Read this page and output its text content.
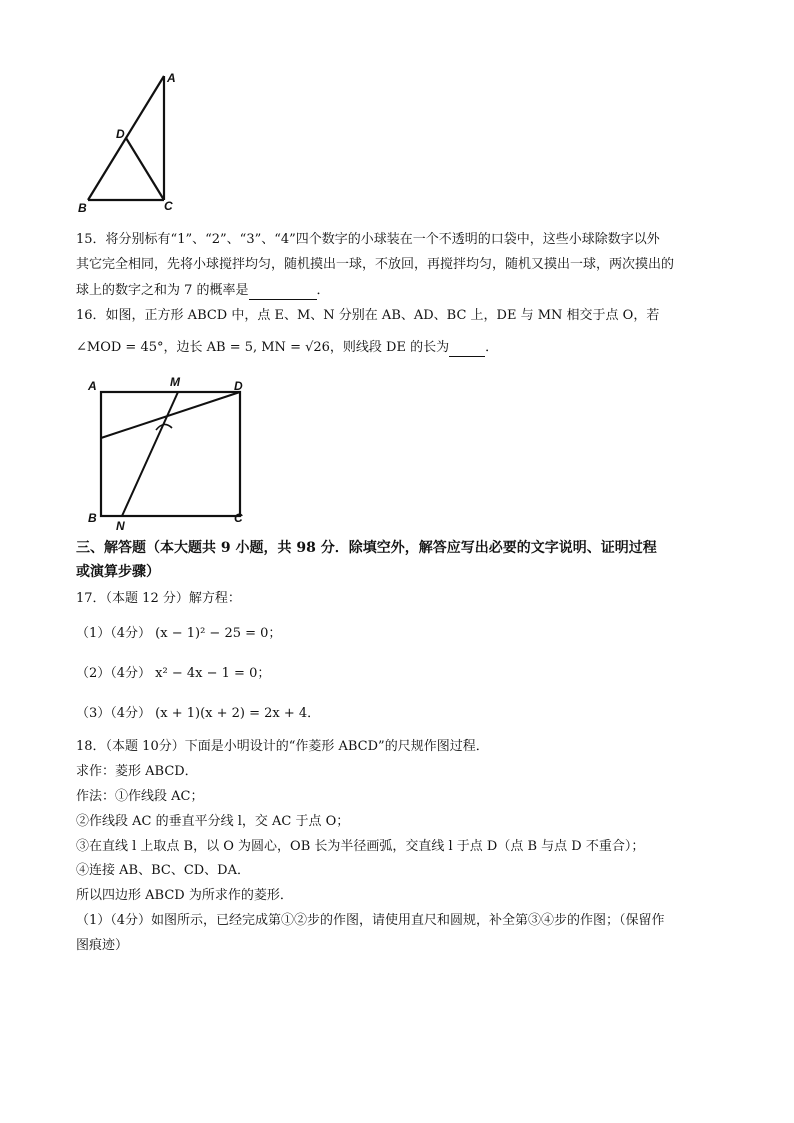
A
D
B	C
15．将分别标有“1”、“2”、“3”、“4”四个数字的小球装在一个不透明的口袋中，这些小球除数字以外
其它完全相同，先将小球搅拌均匀，随机摸出一球，不放回，再搅拌均匀，随机又摸出一球，两次摸出的
球上的数字之和为 7 的概率是	．
16．如图，正方形 ABCD 中，点 E、M、N 分别在 AB、AD、BC 上，DE 与 MN 相交于点 O，若
∠MOD = 45°，边长 AB = 5, MN = √26，则线段 DE 的长为	．
A	M	D
B
N
C
三、解答题（本大题共 9 小题，共 98 分．除填空外，解答应写出必要的文字说明、证明过程
或演算步骤）
17．（本题 12 分）解方程：
（1）（4分） (x − 1)² − 25 = 0；
（2）（4分） x² − 4x − 1 = 0；
（3）（4分） (x + 1)(x + 2) = 2x + 4．
18．（本题 10分）下面是小明设计的“作菱形 ABCD”的尺规作图过程．
求作：菱形 ABCD．
作法：①作线段 AC；
②作线段 AC 的垂直平分线 l，交 AC 于点 O；
③在直线 l 上取点 B，以 O 为圆心，OB 长为半径画弧，交直线 l 于点 D（点 B 与点 D 不重合）；
④连接 AB、BC、CD、DA．
所以四边形 ABCD 为所求作的菱形．
（1）（4分）如图所示，已经完成第①②步的作图，请使用直尺和圆规，补全第③④步的作图；（保留作
图痕迹）
